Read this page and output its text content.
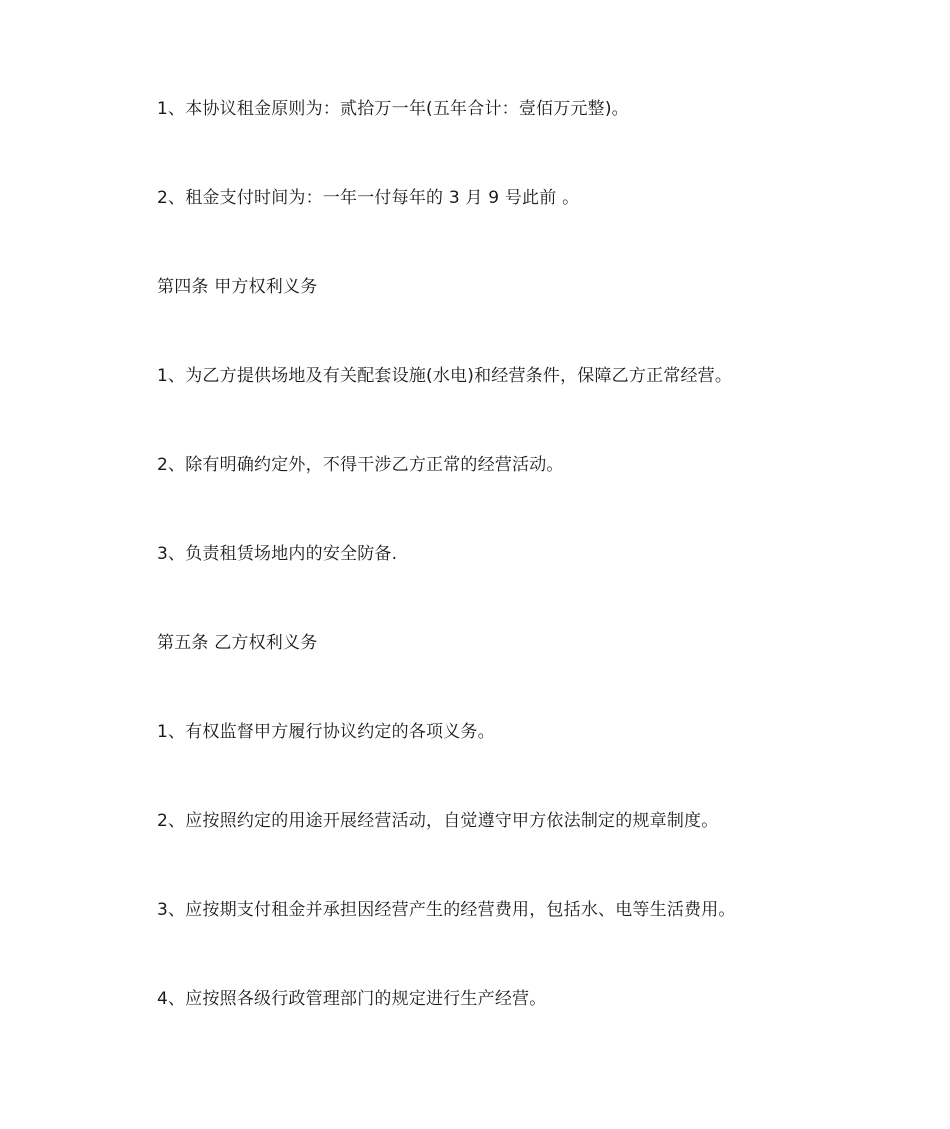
1、本协议租金原则为：贰拾万一年(五年合计：壹佰万元整)。

2、租金支付时间为：一年一付每年的 3 月 9 号此前 。

第四条 甲方权利义务

1、为乙方提供场地及有关配套设施(水电)和经营条件，保障乙方正常经营。

2、除有明确约定外，不得干涉乙方正常的经营活动。

3、负责租赁场地内的安全防备.

第五条 乙方权利义务

1、有权监督甲方履行协议约定的各项义务。

2、应按照约定的用途开展经营活动，自觉遵守甲方依法制定的规章制度。

3、应按期支付租金并承担因经营产生的经营费用，包括水、电等生活费用。

4、应按照各级行政管理部门的规定进行生产经营。
